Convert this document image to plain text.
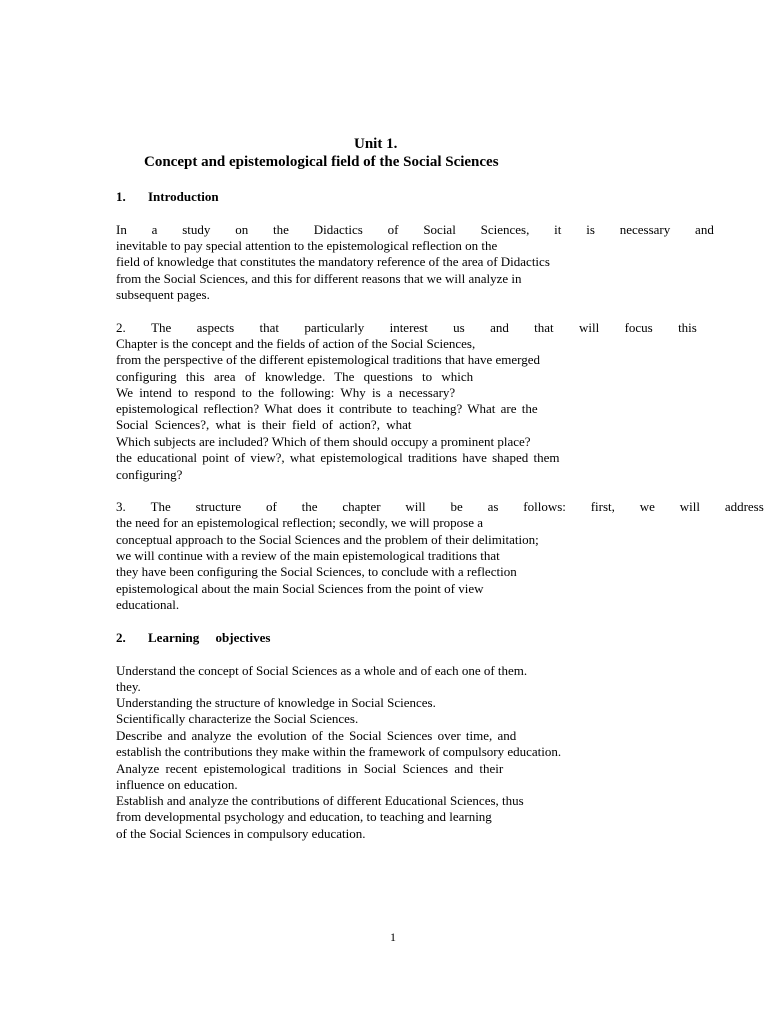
Unit 1.
Concept and epistemological field of the Social Sciences
1. Introduction
In a study on the Didactics of Social Sciences, it is necessary and
inevitable to pay special attention to the epistemological reflection on the
field of knowledge that constitutes the mandatory reference of the area of Didactics
from the Social Sciences, and this for different reasons that we will analyze in
subsequent pages.
2. The aspects that particularly interest us and that will focus this
Chapter is the concept and the fields of action of the Social Sciences,
from the perspective of the different epistemological traditions that have emerged
configuring this area of knowledge. The questions to which
We intend to respond to the following: Why is a necessary?
epistemological reflection? What does it contribute to teaching? What are the
Social Sciences?, what is their field of action?, what
Which subjects are included? Which of them should occupy a prominent place?
the educational point of view?, what epistemological traditions have shaped them
configuring?
3. The structure of the chapter will be as follows: first, we will address
the need for an epistemological reflection; secondly, we will propose a
conceptual approach to the Social Sciences and the problem of their delimitation;
we will continue with a review of the main epistemological traditions that
they have been configuring the Social Sciences, to conclude with a reflection
epistemological about the main Social Sciences from the point of view
educational.
2. Learning     objectives
Understand the concept of Social Sciences as a whole and of each one of them.
they.
Understanding the structure of knowledge in Social Sciences.
Scientifically characterize the Social Sciences.
Describe and analyze the evolution of the Social Sciences over time, and
establish the contributions they make within the framework of compulsory education.
Analyze recent epistemological traditions in Social Sciences and their
influence on education.
Establish and analyze the contributions of different Educational Sciences, thus
from developmental psychology and education, to teaching and learning
of the Social Sciences in compulsory education.
1
